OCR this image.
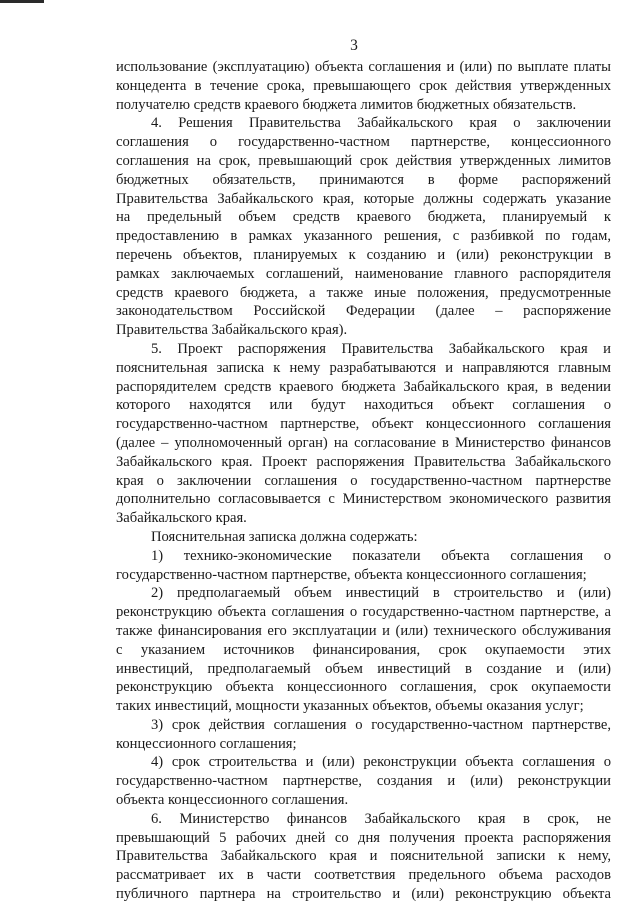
3
использование (эксплуатацию) объекта соглашения и (или) по выплате платы
концедента в течение срока, превышающего срок действия утвержденных
получателю средств краевого бюджета лимитов бюджетных обязательств.
4. Решения Правительства Забайкальского края о заключении
соглашения о государственно-частном партнерстве, концессионного
соглашения на срок, превышающий срок действия утвержденных лимитов
бюджетных обязательств, принимаются в форме распоряжений
Правительства Забайкальского края, которые должны содержать указание
на предельный объем средств краевого бюджета, планируемый к
предоставлению в рамках указанного решения, с разбивкой по годам,
перечень объектов, планируемых к созданию и (или) реконструкции в
рамках заключаемых соглашений, наименование главного распорядителя
средств краевого бюджета, а также иные положения, предусмотренные
законодательством Российской Федерации (далее – распоряжение
Правительства Забайкальского края).
5. Проект распоряжения Правительства Забайкальского края и
пояснительная записка к нему разрабатываются и направляются главным
распорядителем средств краевого бюджета Забайкальского края, в ведении
которого находятся или будут находиться объект соглашения о
государственно-частном партнерстве, объект концессионного соглашения
(далее – уполномоченный орган) на согласование в Министерство финансов
Забайкальского края. Проект распоряжения Правительства Забайкальского
края о заключении соглашения о государственно-частном партнерстве
дополнительно согласовывается с Министерством экономического развития
Забайкальского края.
Пояснительная записка должна содержать:
1) технико-экономические показатели объекта соглашения о
государственно-частном партнерстве, объекта концессионного соглашения;
2) предполагаемый объем инвестиций в строительство и (или)
реконструкцию объекта соглашения о государственно-частном партнерстве, а
также финансирования его эксплуатации и (или) технического обслуживания
с указанием источников финансирования, срок окупаемости этих
инвестиций, предполагаемый объем инвестиций в создание и (или)
реконструкцию объекта концессионного соглашения, срок окупаемости
таких инвестиций, мощности указанных объектов, объемы оказания услуг;
3) срок действия соглашения о государственно-частном партнерстве,
концессионного соглашения;
4) срок строительства и (или) реконструкции объекта соглашения о
государственно-частном партнерстве, создания и (или) реконструкции
объекта концессионного соглашения.
6. Министерство финансов Забайкальского края в срок, не
превышающий 5 рабочих дней со дня получения проекта распоряжения
Правительства Забайкальского края и пояснительной записки к нему,
рассматривает их в части соответствия предельного объема расходов
публичного партнера на строительство и (или) реконструкцию объекта
